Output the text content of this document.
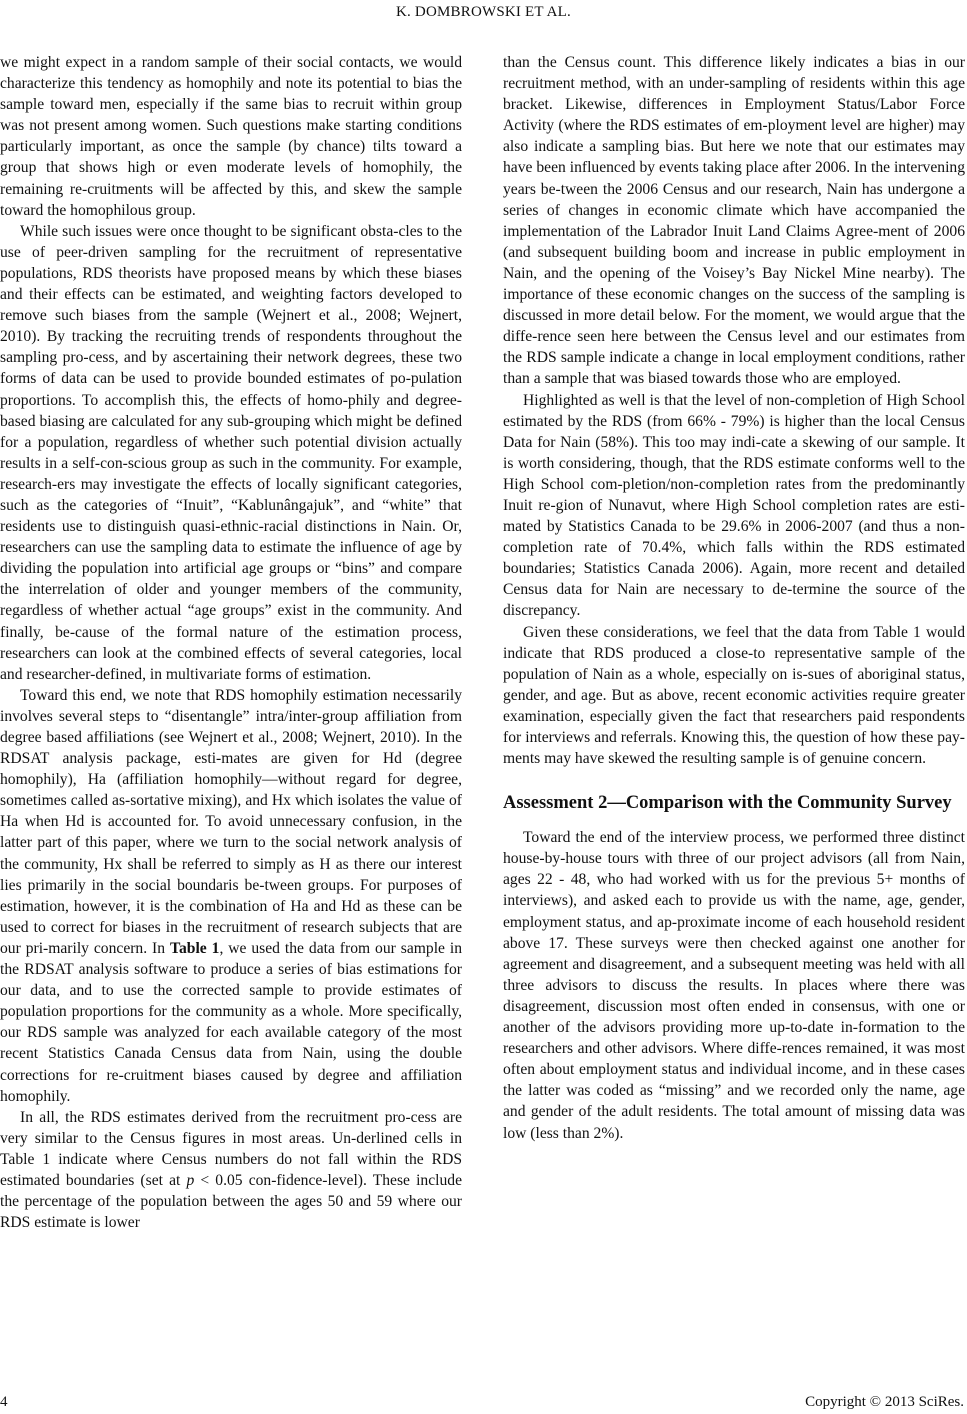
K. DOMBROWSKI ET AL.

we might expect in a random sample of their social contacts, we would characterize this tendency as homophily and note its potential to bias the sample toward men, especially if the same bias to recruit within group was not present among women. Such questions make starting conditions particularly important, as once the sample (by chance) tilts toward a group that shows high or even moderate levels of homophily, the remaining re-cruitments will be affected by this, and skew the sample toward the homophilous group.

While such issues were once thought to be significant obsta-cles to the use of peer-driven sampling for the recruitment of representative populations, RDS theorists have proposed means by which these biases and their effects can be estimated, and weighting factors developed to remove such biases from the sample (Wejnert et al., 2008; Wejnert, 2010). By tracking the recruiting trends of respondents throughout the sampling pro-cess, and by ascertaining their network degrees, these two forms of data can be used to provide bounded estimates of po-pulation proportions. To accomplish this, the effects of homo-phily and degree-based biasing are calculated for any sub-grouping which might be defined for a population, regardless of whether such potential division actually results in a self-con-scious group as such in the community. For example, research-ers may investigate the effects of locally significant categories, such as the categories of “Inuit”, “Kablunângajuk”, and “white” that residents use to distinguish quasi-ethnic-racial distinctions in Nain. Or, researchers can use the sampling data to estimate the influence of age by dividing the population into artificial age groups or “bins” and compare the interrelation of older and younger members of the community, regardless of whether actual “age groups” exist in the community. And finally, be-cause of the formal nature of the estimation process, researchers can look at the combined effects of several categories, local and researcher-defined, in multivariate forms of estimation.

Toward this end, we note that RDS homophily estimation necessarily involves several steps to “disentangle” intra/inter-group affiliation from degree based affiliations (see Wejnert et al., 2008; Wejnert, 2010). In the RDSAT analysis package, esti-mates are given for Hd (degree homophily), Ha (affiliation homophily—without regard for degree, sometimes called as-sortative mixing), and Hx which isolates the value of Ha when Hd is accounted for. To avoid unnecessary confusion, in the latter part of this paper, where we turn to the social network analysis of the community, Hx shall be referred to simply as H as there our interest lies primarily in the social boundaris be-tween groups. For purposes of estimation, however, it is the combination of Ha and Hd as these can be used to correct for biases in the recruitment of research subjects that are our pri-marily concern. In Table 1, we used the data from our sample in the RDSAT analysis software to produce a series of bias estimations for our data, and to use the corrected sample to provide estimates of population proportions for the community as a whole. More specifically, our RDS sample was analyzed for each available category of the most recent Statistics Canada Census data from Nain, using the double corrections for re-cruitment biases caused by degree and affiliation homophily.

In all, the RDS estimates derived from the recruitment pro-cess are very similar to the Census figures in most areas. Un-derlined cells in Table 1 indicate where Census numbers do not fall within the RDS estimated boundaries (set at p < 0.05 con-fidence-level). These include the percentage of the population between the ages 50 and 59 where our RDS estimate is lower

than the Census count. This difference likely indicates a bias in our recruitment method, with an under-sampling of residents within this age bracket. Likewise, differences in Employment Status/Labor Force Activity (where the RDS estimates of em-ployment level are higher) may also indicate a sampling bias. But here we note that our estimates may have been influenced by events taking place after 2006. In the intervening years be-tween the 2006 Census and our research, Nain has undergone a series of changes in economic climate which have accompanied the implementation of the Labrador Inuit Land Claims Agree-ment of 2006 (and subsequent building boom and increase in public employment in Nain, and the opening of the Voisey’s Bay Nickel Mine nearby). The importance of these economic changes on the success of the sampling is discussed in more detail below. For the moment, we would argue that the diffe-rence seen here between the Census level and our estimates from the RDS sample indicate a change in local employment conditions, rather than a sample that was biased towards those who are employed.

Highlighted as well is that the level of non-completion of High School estimated by the RDS (from 66% - 79%) is higher than the local Census Data for Nain (58%). This too may indi-cate a skewing of our sample. It is worth considering, though, that the RDS estimate conforms well to the High School com-pletion/non-completion rates from the predominantly Inuit re-gion of Nunavut, where High School completion rates are esti-mated by Statistics Canada to be 29.6% in 2006-2007 (and thus a non-completion rate of 70.4%, which falls within the RDS estimated boundaries; Statistics Canada 2006). Again, more recent and detailed Census data for Nain are necessary to de-termine the source of the discrepancy.

Given these considerations, we feel that the data from Table 1 would indicate that RDS produced a close-to representative sample of the population of Nain as a whole, especially on is-sues of aboriginal status, gender, and age. But as above, recent economic activities require greater examination, especially given the fact that researchers paid respondents for interviews and referrals. Knowing this, the question of how these pay-ments may have skewed the resulting sample is of genuine concern.

Assessment 2—Comparison with the Community Survey

Toward the end of the interview process, we performed three distinct house-by-house tours with three of our project advisors (all from Nain, ages 22 - 48, who had worked with us for the previous 5+ months of interviews), and asked each to provide us with the name, age, gender, employment status, and ap-proximate income of each household resident above 17. These surveys were then checked against one another for agreement and disagreement, and a subsequent meeting was held with all three advisors to discuss the results. In places where there was disagreement, discussion most often ended in consensus, with one or another of the advisors providing more up-to-date in-formation to the researchers and other advisors. Where diffe-rences remained, it was most often about employment status and individual income, and in these cases the latter was coded as “missing” and we recorded only the name, age and gender of the adult residents. The total amount of missing data was low (less than 2%).

4	Copyright © 2013 SciRes.
